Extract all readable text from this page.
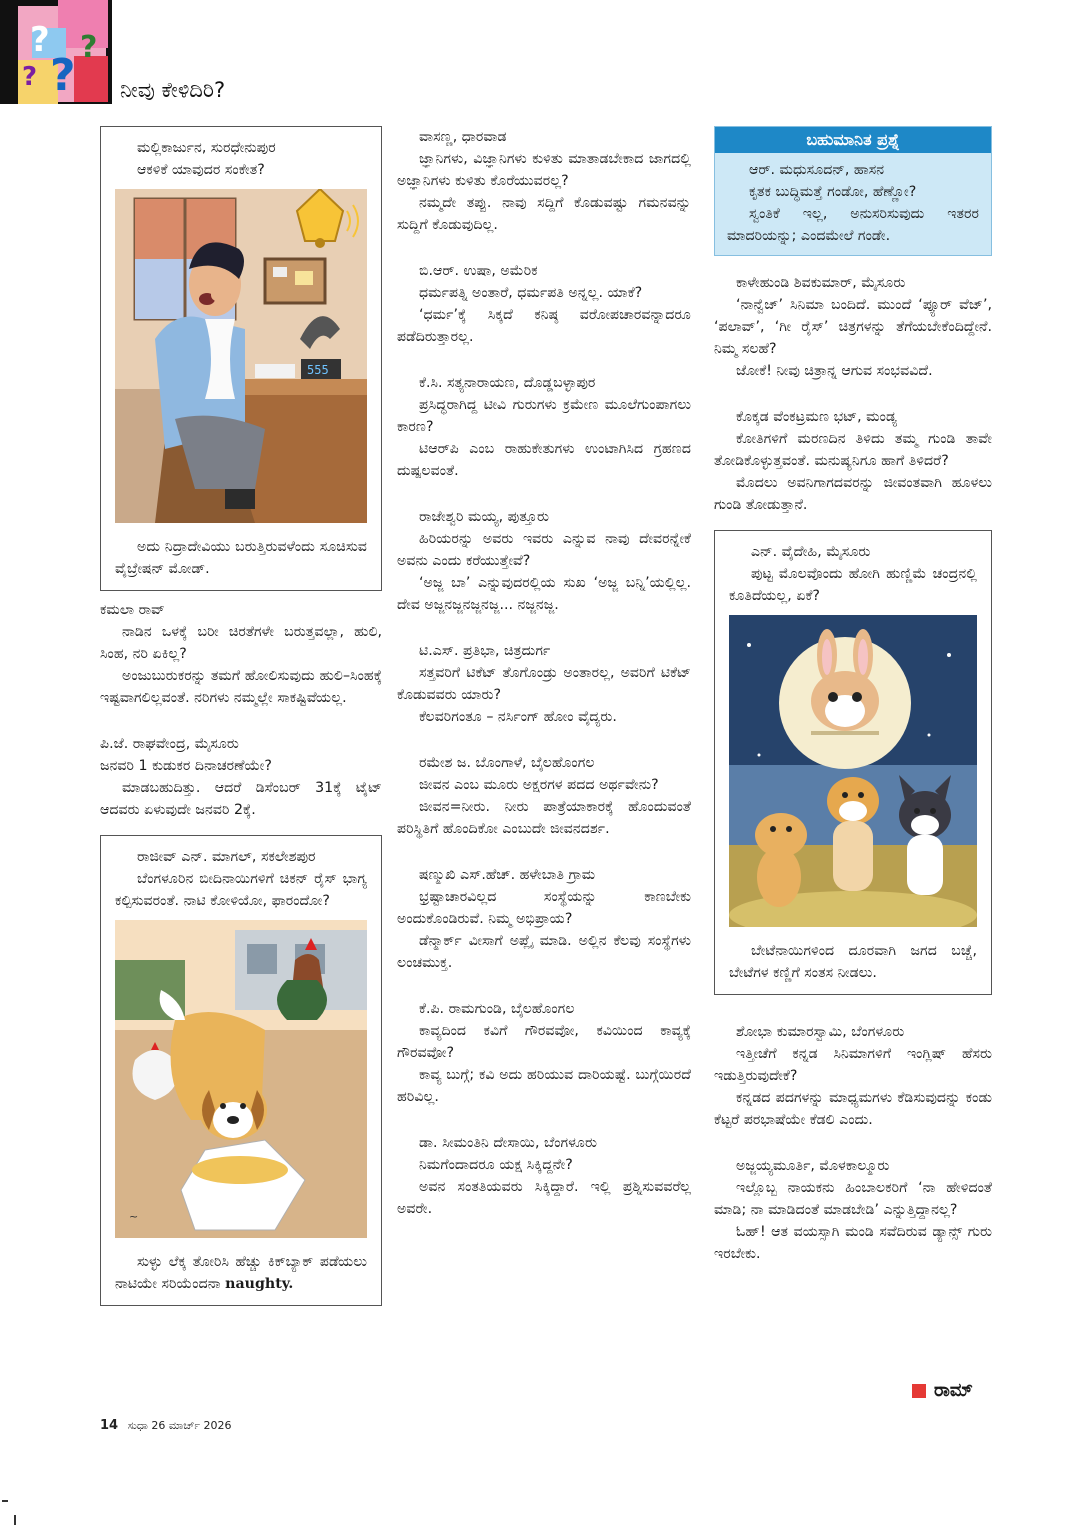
?
?
?
?	ನೀವು ಕೇಳಿದಿರಿ?
ಮಲ್ಲಿಕಾರ್ಜುನ, ಸುರಧೇನುಪುರ
ಆಕಳಿಕೆ ಯಾವುದರ ಸಂಕೇತ?
555

ಅದು ನಿದ್ರಾದೇವಿಯು ಬರುತ್ತಿರುವಳೆಂದು ಸೂಚಿಸುವ ವೈಬ್ರೇಷನ್ ಮೋಡ್.

ಕಮಲಾ ರಾವ್
ನಾಡಿನ ಒಳಕ್ಕೆ ಬರೀ ಚಿರತೆಗಳೇ ಬರುತ್ತವಲ್ಲಾ, ಹುಲಿ, ಸಿಂಹ, ನರಿ ಏಕಿಲ್ಲ?
ಅಂಜುಬುರುಕರನ್ನು ತಮಗೆ ಹೋಲಿಸುವುದು ಹುಲಿ–ಸಿಂಹಕ್ಕೆ ಇಷ್ಟವಾಗಲಿಲ್ಲವಂತೆ. ನರಿಗಳು ನಮ್ಮಲ್ಲೇ ಸಾಕಷ್ಟಿವೆಯಲ್ಲ.
ಪಿ.ಜೆ. ರಾಘವೇಂದ್ರ, ಮೈಸೂರು
ಜನವರಿ 1 ಕುಡುಕರ ದಿನಾಚರಣೆಯೇ?
ಮಾಡಬಹುದಿತ್ತು. ಆದರೆ ಡಿಸೆಂಬರ್ 31ಕ್ಕೆ ಟೈಟ್ ಆದವರು ಏಳುವುದೇ ಜನವರಿ 2ಕ್ಕೆ.
ರಾಜೀವ್ ಎನ್. ಮಾಗಲ್, ಸಕಲೇಶಪುರ
ಬೆಂಗಳೂರಿನ ಬೀದಿನಾಯಿಗಳಿಗೆ ಚಿಕನ್ ರೈಸ್ ಭಾಗ್ಯ ಕಲ್ಪಿಸುವರಂತೆ. ನಾಟಿ ಕೋಳಿಯೋ, ಫಾರಂದೋ?
~

ಸುಳ್ಳು ಲೆಕ್ಕ ತೋರಿಸಿ ಹೆಚ್ಚು ಕಿಕ್‌ಬ್ಯಾಕ್ ಪಡೆಯಲು ನಾಟಿಯೇ ಸರಿಯೆಂದನಾ naughty.

ವಾಸಣ್ಣ, ಧಾರವಾಡ
ಜ್ಞಾನಿಗಳು, ವಿಜ್ಞಾನಿಗಳು ಕುಳಿತು ಮಾತಾಡಬೇಕಾದ ಜಾಗದಲ್ಲಿ ಅಜ್ಞಾನಿಗಳು ಕುಳಿತು ಕೊರೆಯುವರಲ್ಲ?
ನಮ್ಮದೇ ತಪ್ಪು. ನಾವು ಸದ್ದಿಗೆ ಕೊಡುವಷ್ಟು ಗಮನವನ್ನು ಸುದ್ದಿಗೆ ಕೊಡುವುದಿಲ್ಲ.
ಬಿ.ಆರ್. ಉಷಾ, ಅಮೆರಿಕ
ಧರ್ಮಪತ್ನಿ ಅಂತಾರೆ, ಧರ್ಮಪತಿ ಅನ್ನಲ್ಲ. ಯಾಕೆ?
‘ಧರ್ಮ’ಕ್ಕೆ ಸಿಕ್ಕದೆ ಕನಿಷ್ಠ ವರೋಪಚಾರವನ್ನಾದರೂ ಪಡೆದಿರುತ್ತಾರಲ್ಲ.
ಕೆ.ಸಿ. ಸತ್ಯನಾರಾಯಣ, ದೊಡ್ಡಬಳ್ಳಾಪುರ
ಪ್ರಸಿದ್ಧರಾಗಿದ್ದ ಟೀವಿ ಗುರುಗಳು ಕ್ರಮೇಣ ಮೂಲೆಗುಂಪಾಗಲು ಕಾರಣ?
ಟಿಆರ್‌ಪಿ ಎಂಬ ರಾಹುಕೇತುಗಳು ಉಂಟಾಗಿಸಿದ ಗ್ರಹಣದ ದುಷ್ಪಲವಂತೆ.
ರಾಜೇಶ್ವರಿ ಮಯ್ಯ, ಪುತ್ತೂರು
ಹಿರಿಯರನ್ನು ಅವರು ಇವರು ಎನ್ನುವ ನಾವು ದೇವರನ್ನೇಕೆ ಅವನು ಎಂದು ಕರೆಯುತ್ತೇವೆ?
‘ಅಜ್ಜ ಬಾ’ ಎನ್ನುವುದರಲ್ಲಿಯ ಸುಖ ‘ಅಜ್ಜ ಬನ್ನಿ’ಯಲ್ಲಿಲ್ಲ. ದೇವ ಅಜ್ಜನಜ್ಜನಜ್ಜನಜ್ಜ... ನಜ್ಜನಜ್ಜ.
ಟಿ.ಎಸ್. ಪ್ರತಿಭಾ, ಚಿತ್ರದುರ್ಗ
ಸತ್ತವರಿಗೆ ಟಿಕೆಟ್ ತೊಗೊಂಡ್ರು ಅಂತಾರಲ್ಲ, ಅವರಿಗೆ ಟಿಕೆಟ್ ಕೊಡುವವರು ಯಾರು?
ಕೆಲವರಿಗಂತೂ – ನರ್ಸಿಂಗ್ ಹೋಂ ವೈದ್ಯರು.
ರಮೇಶ ಜ. ಬೊಂಗಾಳೆ, ಬೈಲಹೊಂಗಲ
ಜೀವನ ಎಂಬ ಮೂರು ಅಕ್ಷರಗಳ ಪದದ ಅರ್ಥವೇನು?
ಜೀವನ=ನೀರು. ನೀರು ಪಾತ್ರೆಯಾಕಾರಕ್ಕೆ ಹೊಂದುವಂತೆ ಪರಿಸ್ಥಿತಿಗೆ ಹೊಂದಿಕೋ ಎಂಬುದೇ ಜೀವನದರ್ಶ.
ಷಣ್ಮುಖಿ ಎಸ್.ಹೆಚ್. ಹಳೇಬಾತಿ ಗ್ರಾಮ
ಭ್ರಷ್ಟಾಚಾರವಿಲ್ಲದ ಸಂಸ್ಥೆಯನ್ನು ಕಾಣಬೇಕು ಅಂದುಕೊಂಡಿರುವೆ. ನಿಮ್ಮ ಅಭಿಪ್ರಾಯ?
ಡೆನ್ಮಾರ್ಕ್ ವೀಸಾಗೆ ಅಪ್ಲೈ ಮಾಡಿ. ಅಲ್ಲಿನ ಕೆಲವು ಸಂಸ್ಥೆಗಳು ಲಂಚಮುಕ್ತ.
ಕೆ.ಪಿ. ರಾಮಗುಂಡಿ, ಬೈಲಹೊಂಗಲ
ಕಾವ್ಯದಿಂದ ಕವಿಗೆ ಗೌರವವೋ, ಕವಿಯಿಂದ ಕಾವ್ಯಕ್ಕೆ ಗೌರವವೋ?
ಕಾವ್ಯ ಬುಗ್ಗೆ; ಕವಿ ಅದು ಹರಿಯುವ ದಾರಿಯಷ್ಟೆ. ಬುಗ್ಗೆಯಿರದೆ ಹರಿವಿಲ್ಲ.
ಡಾ. ಸೀಮಂತಿನಿ ದೇಸಾಯಿ, ಬೆಂಗಳೂರು
ನಿಮಗೆಂದಾದರೂ ಯಕ್ಷ ಸಿಕ್ಕಿದ್ದನೇ?
ಅವನ ಸಂತತಿಯವರು ಸಿಕ್ಕಿದ್ದಾರೆ. ಇಲ್ಲಿ ಪ್ರಶ್ನಿಸುವವರೆಲ್ಲ ಅವರೇ.
ಬಹುಮಾನಿತ ಪ್ರಶ್ನೆ
ಆರ್. ಮಧುಸೂದನ್, ಹಾಸನ
ಕೃತಕ ಬುದ್ಧಿಮತ್ತೆ ಗಂಡೋ, ಹೆಣ್ಣೋ?
ಸ್ವಂತಿಕೆ ಇಲ್ಲ, ಅನುಸರಿಸುವುದು ಇತರರ ಮಾದರಿಯನ್ನು; ಎಂದಮೇಲೆ ಗಂಡೇ.
ಕಾಳೇಹುಂಡಿ ಶಿವಕುಮಾರ್, ಮೈಸೂರು
‘ನಾನ್ವೆಜ್’ ಸಿನಿಮಾ ಬಂದಿದೆ. ಮುಂದೆ ‘ಪ್ಯೂರ್ ವೆಜ್’, ‘ಪಲಾವ್’, ‘ಗೀ ರೈಸ್’ ಚಿತ್ರಗಳನ್ನು ತೆಗೆಯಬೇಕೆಂದಿದ್ದೇನೆ. ನಿಮ್ಮ ಸಲಹೆ?
ಜೋಕೆ! ನೀವು ಚಿತ್ರಾನ್ನ ಆಗುವ ಸಂಭವವಿದೆ.
ಕೊಕ್ಕಡ ವೆಂಕಟ್ರಮಣ ಭಟ್, ಮಂಡ್ಯ
ಕೋತಿಗಳಿಗೆ ಮರಣದಿನ ತಿಳಿದು ತಮ್ಮ ಗುಂಡಿ ತಾವೇ ತೋಡಿಕೊಳ್ಳುತ್ತವಂತೆ. ಮನುಷ್ಯನಿಗೂ ಹಾಗೆ ತಿಳಿದರೆ?
ಮೊದಲು ಅವನಿಗಾಗದವರನ್ನು ಜೀವಂತವಾಗಿ ಹೂಳಲು ಗುಂಡಿ ತೋಡುತ್ತಾನೆ.
ಎನ್. ವೈದೇಹಿ, ಮೈಸೂರು
ಪುಟ್ಟ ಮೊಲವೊಂದು ಹೋಗಿ ಹುಣ್ಣಿಮೆ ಚಂದ್ರನಲ್ಲಿ ಕೂತಿದೆಯಲ್ಲ, ಏಕೆ?

ಬೇಟೆನಾಯಿಗಳಿಂದ ದೂರವಾಗಿ ಜಗದ ಬಚ್ಚೆ, ಬೇಟೆಗಳ ಕಣ್ಣಿಗೆ ಸಂತಸ ನೀಡಲು.

ಶೋಭಾ ಕುಮಾರಸ್ವಾಮಿ, ಬೆಂಗಳೂರು
ಇತ್ತೀಚೆಗೆ ಕನ್ನಡ ಸಿನಿಮಾಗಳಿಗೆ ಇಂಗ್ಲಿಷ್ ಹೆಸರು ಇಡುತ್ತಿರುವುದೇಕೆ?
ಕನ್ನಡದ ಪದಗಳನ್ನು ಮಾಧ್ಯಮಗಳು ಕೆಡಿಸುವುದನ್ನು ಕಂಡು ಕೆಟ್ಟರೆ ಪರಭಾಷೆಯೇ ಕೆಡಲಿ ಎಂದು.
ಅಜ್ಜಯ್ಯಮೂರ್ತಿ, ಮೊಳಕಾಲ್ಮೂರು
ಇಲ್ಲೊಬ್ಬ ನಾಯಕನು ಹಿಂಬಾಲಕರಿಗೆ ‘ನಾ ಹೇಳಿದಂತೆ ಮಾಡಿ; ನಾ ಮಾಡಿದಂತೆ ಮಾಡಬೇಡಿ’ ಎನ್ನುತ್ತಿದ್ದಾನಲ್ಲ?
ಓಹ್! ಆತ ವಯಸ್ಸಾಗಿ ಮಂಡಿ ಸವೆದಿರುವ ಡ್ಯಾನ್ಸ್ ಗುರು ಇರಬೇಕು.
ರಾಮ್
14 ಸುಧಾ 26 ಮಾರ್ಚ್ 2026
